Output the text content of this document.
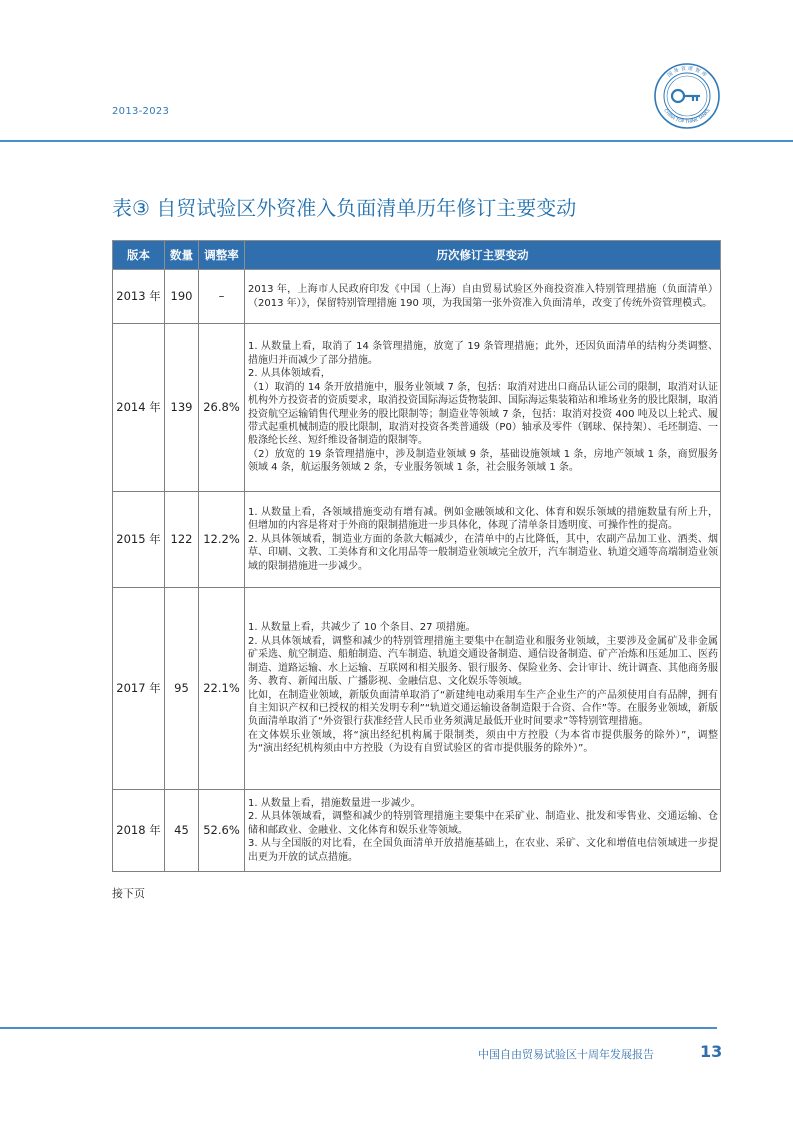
2013-2023
国 务 首 席 智 库
CHINA TOP THINK TANKS
表③ 自贸试验区外资准入负面清单历年修订主要变动
版本	数量	调整率	历次修订主要变动
2013 年	190	–	2013 年，上海市人民政府印发《中国（上海）自由贸易试验区外商投资准入特别管理措施（负面清单）（2013 年）》，保留特别管理措施 190 项，为我国第一张外资准入负面清单，改变了传统外资管理模式。

2014 年	139	26.8%	1. 从数量上看，取消了 14 条管理措施，放宽了 19 条管理措施；此外，还因负面清单的结构分类调整、措施归并而减少了部分措施。
2. 从具体领域看，
（1）取消的 14 条开放措施中，服务业领域 7 条，包括：取消对进出口商品认证公司的限制，取消对认证机构外方投资者的资质要求，取消投资国际海运货物装卸、国际海运集装箱站和堆场业务的股比限制，取消投资航空运输销售代理业务的股比限制等；制造业等领域 7 条，包括：取消对投资 400 吨及以上轮式、履带式起重机械制造的股比限制，取消对投资各类普通级（P0）轴承及零件（钢球、保持架）、毛坯制造、一般涤纶长丝、短纤维设备制造的限制等。
（2）放宽的 19 条管理措施中，涉及制造业领域 9 条，基础设施领域 1 条，房地产领域 1 条，商贸服务领域 4 条，航运服务领域 2 条，专业服务领域 1 条，社会服务领域 1 条。

2015 年	122	12.2%	1. 从数量上看，各领域措施变动有增有减。例如金融领域和文化、体育和娱乐领域的措施数量有所上升，但增加的内容是将对于外商的限制措施进一步具体化，体现了清单条目透明度、可操作性的提高。
2. 从具体领域看，制造业方面的条款大幅减少，在清单中的占比降低，其中，农副产品加工业、酒类、烟草、印刷、文教、工美体育和文化用品等一般制造业领域完全放开，汽车制造业、轨道交通等高端制造业领域的限制措施进一步减少。

2017 年	95	22.1%	1. 从数量上看，共减少了 10 个条目、27 项措施。
2. 从具体领域看，调整和减少的特别管理措施主要集中在制造业和服务业领域，主要涉及金属矿及非金属矿采选、航空制造、船舶制造、汽车制造、轨道交通设备制造、通信设备制造、矿产冶炼和压延加工、医药制造、道路运输、水上运输、互联网和相关服务、银行服务、保险业务、会计审计、统计调查、其他商务服务、教育、新闻出版、广播影视、金融信息、文化娱乐等领域。
比如，在制造业领域，新版负面清单取消了“新建纯电动乘用车生产企业生产的产品须使用自有品牌，拥有自主知识产权和已授权的相关发明专利”“轨道交通运输设备制造限于合资、合作”等。在服务业领域，新版负面清单取消了“外资银行获准经营人民币业务须满足最低开业时间要求”等特别管理措施。
在文体娱乐业领域，将“演出经纪机构属于限制类，须由中方控股（为本省市提供服务的除外）”，调整为“演出经纪机构须由中方控股（为设有自贸试验区的省市提供服务的除外）”。

2018 年	45	52.6%	1. 从数量上看，措施数量进一步减少。
2. 从具体领域看，调整和减少的特别管理措施主要集中在采矿业、制造业、批发和零售业、交通运输、仓储和邮政业、金融业、文化体育和娱乐业等领域。
3. 从与全国版的对比看，在全国负面清单开放措施基础上，在农业、采矿、文化和增值电信领域进一步提出更为开放的试点措施。
接下页
中国自由贸易试验区十周年发展报告	13
